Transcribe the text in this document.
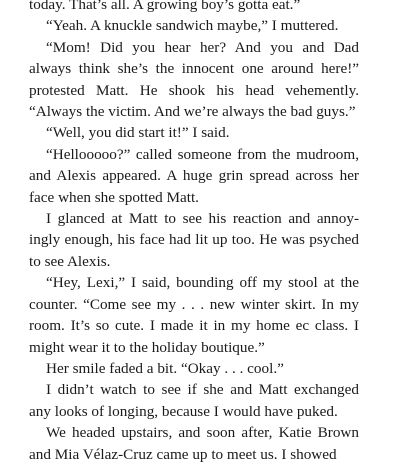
today. That’s all. A growing boy’s gotta eat.”

“Yeah. A knuckle sandwich maybe,” I muttered.

“Mom! Did you hear her? And you and Dad always think she’s the innocent one around here!” protested Matt. He shook his head vehemently. “Always the victim. And we’re always the bad guys.”

“Well, you did start it!” I said.

“Hellooooo?” called someone from the mudroom, and Alexis appeared. A huge grin spread across her face when she spotted Matt.

I glanced at Matt to see his reaction and annoyingly enough, his face had lit up too. He was psyched to see Alexis.

“Hey, Lexi,” I said, bounding off my stool at the counter. “Come see my . . . new winter skirt. In my room. It’s so cute. I made it in my home ec class. I might wear it to the holiday boutique.”

Her smile faded a bit. “Okay . . . cool.”

I didn’t watch to see if she and Matt exchanged any looks of longing, because I would have puked.

We headed upstairs, and soon after, Katie Brown and Mia Vélaz-Cruz came up to meet us. I showed
